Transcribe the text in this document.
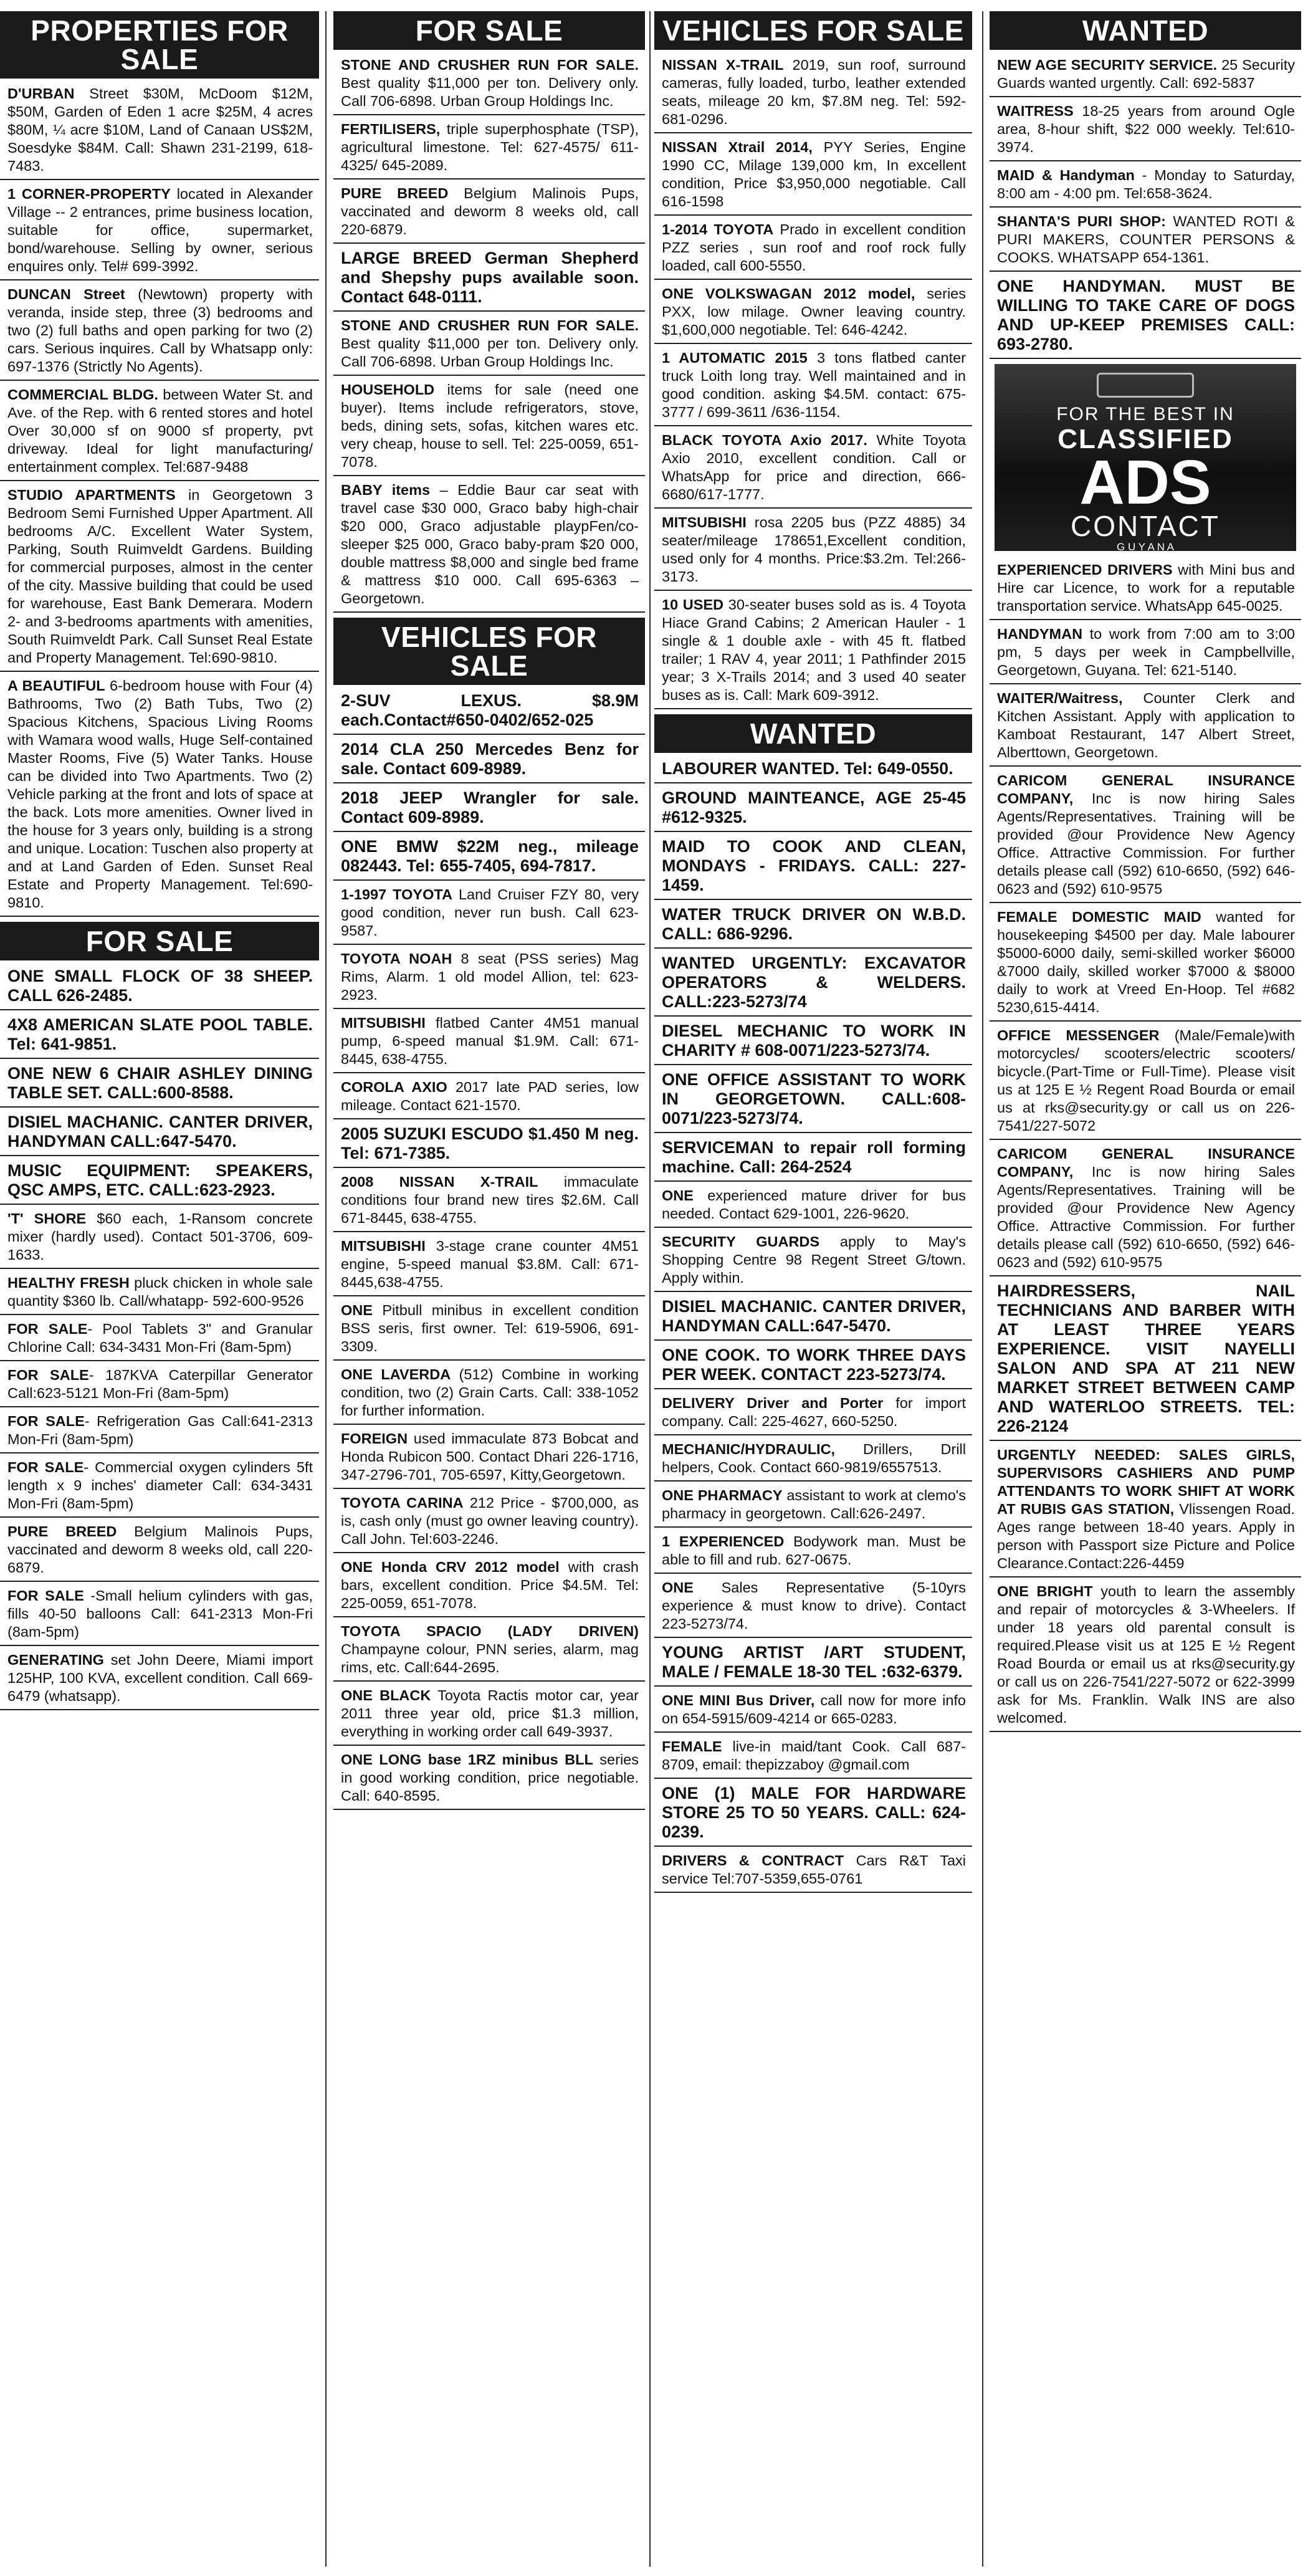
PROPERTIES FOR SALE
D'URBAN Street $30M, McDoom $12M, $50M, Garden of Eden 1 acre $25M, 4 acres $80M, ¼ acre $10M, Land of Canaan US$2M, Soesdyke $84M. Call: Shawn 231-2199, 618-7483.
1 CORNER-PROPERTY located in Alexander Village -- 2 entrances, prime business location, suitable for office, supermarket, bond/warehouse. Selling by owner, serious enquires only. Tel# 699-3992.
DUNCAN Street (Newtown) property with veranda, inside step, three (3) bedrooms and two (2) full baths and open parking for two (2) cars. Serious inquires. Call by Whatsapp only: 697-1376 (Strictly No Agents).
COMMERCIAL BLDG. between Water St. and Ave. of the Rep. with 6 rented stores and hotel Over 30,000 sf on 9000 sf property, pvt driveway. Ideal for light manufacturing/ entertainment complex. Tel:687-9488
STUDIO APARTMENTS in Georgetown 3 Bedroom Semi Furnished Upper Apartment. All bedrooms A/C. Excellent Water System, Parking, South Ruimveldt Gardens. Building for commercial purposes, almost in the center of the city. Massive building that could be used for warehouse, East Bank Demerara. Modern 2- and 3-bedrooms apartments with amenities, South Ruimveldt Park. Call Sunset Real Estate and Property Management. Tel:690-9810.
A BEAUTIFUL 6-bedroom house with Four (4) Bathrooms, Two (2) Bath Tubs, Two (2) Spacious Kitchens, Spacious Living Rooms with Wamara wood walls, Huge Self-contained Master Rooms, Five (5) Water Tanks. House can be divided into Two Apartments. Two (2) Vehicle parking at the front and lots of space at the back. Lots more amenities. Owner lived in the house for 3 years only, building is a strong and unique. Location: Tuschen also property at and at Land Garden of Eden. Sunset Real Estate and Property Management. Tel:690-9810.
FOR SALE
ONE SMALL FLOCK OF 38 SHEEP. CALL 626-2485.
4X8 AMERICAN SLATE POOL TABLE. Tel: 641-9851.
ONE NEW 6 CHAIR ASHLEY DINING TABLE SET. CALL:600-8588.
DISIEL MACHANIC. CANTER DRIVER, HANDYMAN CALL:647-5470.
MUSIC EQUIPMENT: SPEAKERS, QSC AMPS, ETC. CALL:623-2923.
'T' SHORE $60 each, 1-Ransom concrete mixer (hardly used). Contact 501-3706, 609-1633.
HEALTHY FRESH pluck chicken in whole sale quantity $360 lb. Call/whatapp- 592-600-9526
FOR SALE- Pool Tablets 3" and Granular Chlorine Call: 634-3431 Mon-Fri (8am-5pm)
FOR SALE- 187KVA Caterpillar Generator Call:623-5121 Mon-Fri (8am-5pm)
FOR SALE- Refrigeration Gas Call:641-2313 Mon-Fri (8am-5pm)
FOR SALE- Commercial oxygen cylinders 5ft length x 9 inches' diameter Call: 634-3431 Mon-Fri (8am-5pm)
PURE BREED Belgium Malinois Pups, vaccinated and deworm 8 weeks old, call 220-6879.
FOR SALE -Small helium cylinders with gas, fills 40-50 balloons Call: 641-2313 Mon-Fri (8am-5pm)
GENERATING set John Deere, Miami import 125HP, 100 KVA, excellent condition. Call 669-6479 (whatsapp).
FOR SALE
STONE AND CRUSHER RUN FOR SALE. Best quality $11,000 per ton. Delivery only. Call 706-6898. Urban Group Holdings Inc.
FERTILISERS, triple superphosphate (TSP), agricultural limestone. Tel: 627-4575/ 611-4325/ 645-2089.
PURE BREED Belgium Malinois Pups, vaccinated and deworm 8 weeks old, call 220-6879.
LARGE BREED German Shepherd and Shepshy pups available soon. Contact 648-0111.
STONE AND CRUSHER RUN FOR SALE. Best quality $11,000 per ton. Delivery only. Call 706-6898. Urban Group Holdings Inc.
HOUSEHOLD items for sale (need one buyer). Items include refrigerators, stove, beds, dining sets, sofas, kitchen wares etc. very cheap, house to sell. Tel: 225-0059, 651-7078.
BABY items – Eddie Baur car seat with travel case $30 000, Graco baby high-chair $20 000, Graco adjustable playpFen/co-sleeper $25 000, Graco baby-pram $20 000, double mattress $8,000 and single bed frame & mattress $10 000. Call 695-6363 – Georgetown.
VEHICLES FOR SALE
2-SUV LEXUS. $8.9M each.Contact#650-0402/652-025
2014 CLA 250 Mercedes Benz for sale. Contact 609-8989.
2018 JEEP Wrangler for sale. Contact 609-8989.
ONE BMW $22M neg., mileage 082443. Tel: 655-7405, 694-7817.
1-1997 TOYOTA Land Cruiser FZY 80, very good condition, never run bush. Call 623-9587.
TOYOTA NOAH 8 seat (PSS series) Mag Rims, Alarm. 1 old model Allion, tel: 623-2923.
MITSUBISHI flatbed Canter 4M51 manual pump, 6-speed manual $1.9M. Call: 671-8445, 638-4755.
COROLA AXIO 2017 late PAD series, low mileage. Contact 621-1570.
2005 SUZUKI ESCUDO $1.450 M neg. Tel: 671-7385.
2008 NISSAN X-TRAIL immaculate conditions four brand new tires $2.6M. Call 671-8445, 638-4755.
MITSUBISHI 3-stage crane counter 4M51 engine, 5-speed manual $3.8M. Call: 671-8445,638-4755.
ONE Pitbull minibus in excellent condition BSS seris, first owner. Tel: 619-5906, 691-3309.
ONE LAVERDA (512) Combine in working condition, two (2) Grain Carts. Call: 338-1052 for further information.
FOREIGN used immaculate 873 Bobcat and Honda Rubicon 500. Contact Dhari 226-1716, 347-2796-701, 705-6597, Kitty,Georgetown.
TOYOTA CARINA 212 Price - $700,000, as is, cash only (must go owner leaving country). Call John. Tel:603-2246.
ONE Honda CRV 2012 model with crash bars, excellent condition. Price $4.5M. Tel: 225-0059, 651-7078.
TOYOTA SPACIO (LADY DRIVEN) Champayne colour, PNN series, alarm, mag rims, etc. Call:644-2695.
ONE BLACK Toyota Ractis motor car, year 2011 three year old, price $1.3 million, everything in working order call 649-3937.
ONE LONG base 1RZ minibus BLL series in good working condition, price negotiable. Call: 640-8595.
VEHICLES FOR SALE
NISSAN X-TRAIL 2019, sun roof, surround cameras, fully loaded, turbo, leather extended seats, mileage 20 km, $7.8M neg. Tel: 592-681-0296.
NISSAN Xtrail 2014, PYY Series, Engine 1990 CC, Milage 139,000 km, In excellent condition, Price $3,950,000 negotiable. Call 616-1598
1-2014 TOYOTA Prado in excellent condition PZZ series , sun roof and roof rock fully loaded, call 600-5550.
ONE VOLKSWAGAN 2012 model, series PXX, low milage. Owner leaving country. $1,600,000 negotiable. Tel: 646-4242.
1 AUTOMATIC 2015 3 tons flatbed canter truck Loith long tray. Well maintained and in good condition. asking $4.5M. contact: 675-3777 / 699-3611 /636-1154.
BLACK TOYOTA Axio 2017. White Toyota Axio 2010, excellent condition. Call or WhatsApp for price and direction, 666-6680/617-1777.
MITSUBISHI rosa 2205 bus (PZZ 4885) 34 seater/mileage 178651,Excellent condition, used only for 4 months. Price:$3.2m. Tel:266-3173.
10 USED 30-seater buses sold as is. 4 Toyota Hiace Grand Cabins; 2 American Hauler - 1 single & 1 double axle - with 45 ft. flatbed trailer; 1 RAV 4, year 2011; 1 Pathfinder 2015 year; 3 X-Trails 2014; and 3 used 40 seater buses as is. Call: Mark 609-3912.
WANTED
LABOURER WANTED. Tel: 649-0550.
GROUND MAINTEANCE, AGE 25-45 #612-9325.
MAID TO COOK AND CLEAN, MONDAYS - FRIDAYS. CALL: 227-1459.
WATER TRUCK DRIVER ON W.B.D. CALL: 686-9296.
WANTED URGENTLY: EXCAVATOR OPERATORS & WELDERS. CALL:223-5273/74
DIESEL MECHANIC TO WORK IN CHARITY # 608-0071/223-5273/74.
ONE OFFICE ASSISTANT TO WORK IN GEORGETOWN. CALL:608-0071/223-5273/74.
SERVICEMAN to repair roll forming machine. Call: 264-2524
ONE experienced mature driver for bus needed. Contact 629-1001, 226-9620.
SECURITY GUARDS apply to May's Shopping Centre 98 Regent Street G/town. Apply within.
DISIEL MACHANIC. CANTER DRIVER, HANDYMAN CALL:647-5470.
ONE COOK. TO WORK THREE DAYS PER WEEK. CONTACT 223-5273/74.
DELIVERY Driver and Porter for import company. Call: 225-4627, 660-5250.
MECHANIC/HYDRAULIC, Drillers, Drill helpers, Cook. Contact 660-9819/6557513.
ONE PHARMACY assistant to work at clemo's pharmacy in georgetown. Call:626-2497.
1 EXPERIENCED Bodywork man. Must be able to fill and rub. 627-0675.
ONE Sales Representative (5-10yrs experience & must know to drive). Contact 223-5273/74.
YOUNG ARTIST /ART STUDENT, MALE / FEMALE 18-30 TEL :632-6379.
ONE MINI Bus Driver, call now for more info on 654-5915/609-4214 or 665-0283.
FEMALE live-in maid/tant Cook. Call 687-8709, email: thepizzaboy @gmail.com
ONE (1) MALE FOR HARDWARE STORE 25 TO 50 YEARS. CALL: 624-0239.
DRIVERS & CONTRACT Cars R&T Taxi service Tel:707-5359,655-0761
WANTED
NEW AGE SECURITY SERVICE. 25 Security Guards wanted urgently. Call: 692-5837
WAITRESS 18-25 years from around Ogle area, 8-hour shift, $22 000 weekly. Tel:610-3974.
MAID & Handyman - Monday to Saturday, 8:00 am - 4:00 pm. Tel:658-3624.
SHANTA'S PURI SHOP: WANTED ROTI & PURI MAKERS, COUNTER PERSONS & COOKS. WHATSAPP 654-1361.
ONE HANDYMAN. MUST BE WILLING TO TAKE CARE OF DOGS AND UP-KEEP PREMISES CALL: 693-2780.
FOR THE BEST IN
CLASSIFIED
ADS
CONTACT
G U Y A N A
EXPERIENCED DRIVERS with Mini bus and Hire car Licence, to work for a reputable transportation service. WhatsApp 645-0025.
HANDYMAN to work from 7:00 am to 3:00 pm, 5 days per week in Campbellville, Georgetown, Guyana. Tel: 621-5140.
WAITER/Waitress, Counter Clerk and Kitchen Assistant. Apply with application to Kamboat Restaurant, 147 Albert Street, Alberttown, Georgetown.
CARICOM GENERAL INSURANCE COMPANY, Inc is now hiring Sales Agents/Representatives. Training will be provided @our Providence New Agency Office. Attractive Commission. For further details please call (592) 610-6650, (592) 646-0623 and (592) 610-9575
FEMALE DOMESTIC MAID wanted for housekeeping $4500 per day. Male labourer $5000-6000 daily, semi-skilled worker $6000 &7000 daily, skilled worker $7000 & $8000 daily to work at Vreed En-Hoop. Tel #682 5230,615-4414.
OFFICE MESSENGER (Male/Female)with motorcycles/ scooters/electric scooters/ bicycle.(Part-Time or Full-Time). Please visit us at 125 E ½ Regent Road Bourda or email us at rks@security.gy or call us on 226-7541/227-5072
CARICOM GENERAL INSURANCE COMPANY, Inc is now hiring Sales Agents/Representatives. Training will be provided @our Providence New Agency Office. Attractive Commission. For further details please call (592) 610-6650, (592) 646-0623 and (592) 610-9575
HAIRDRESSERS, NAIL TECHNICIANS AND BARBER WITH AT LEAST THREE YEARS EXPERIENCE. VISIT NAYELLI SALON AND SPA AT 211 NEW MARKET STREET BETWEEN CAMP AND WATERLOO STREETS. TEL: 226-2124
URGENTLY NEEDED: SALES GIRLS, SUPERVISORS CASHIERS AND PUMP ATTENDANTS TO WORK SHIFT AT WORK AT RUBIS GAS STATION, Vlissengen Road. Ages range between 18-40 years. Apply in person with Passport size Picture and Police Clearance.Contact:226-4459
ONE BRIGHT youth to learn the assembly and repair of motorcycles & 3-Wheelers. If under 18 years old parental consult is required.Please visit us at 125 E ½ Regent Road Bourda or email us at rks@security.gy or call us on 226-7541/227-5072 or 622-3999 ask for Ms. Franklin. Walk INS are also welcomed.
